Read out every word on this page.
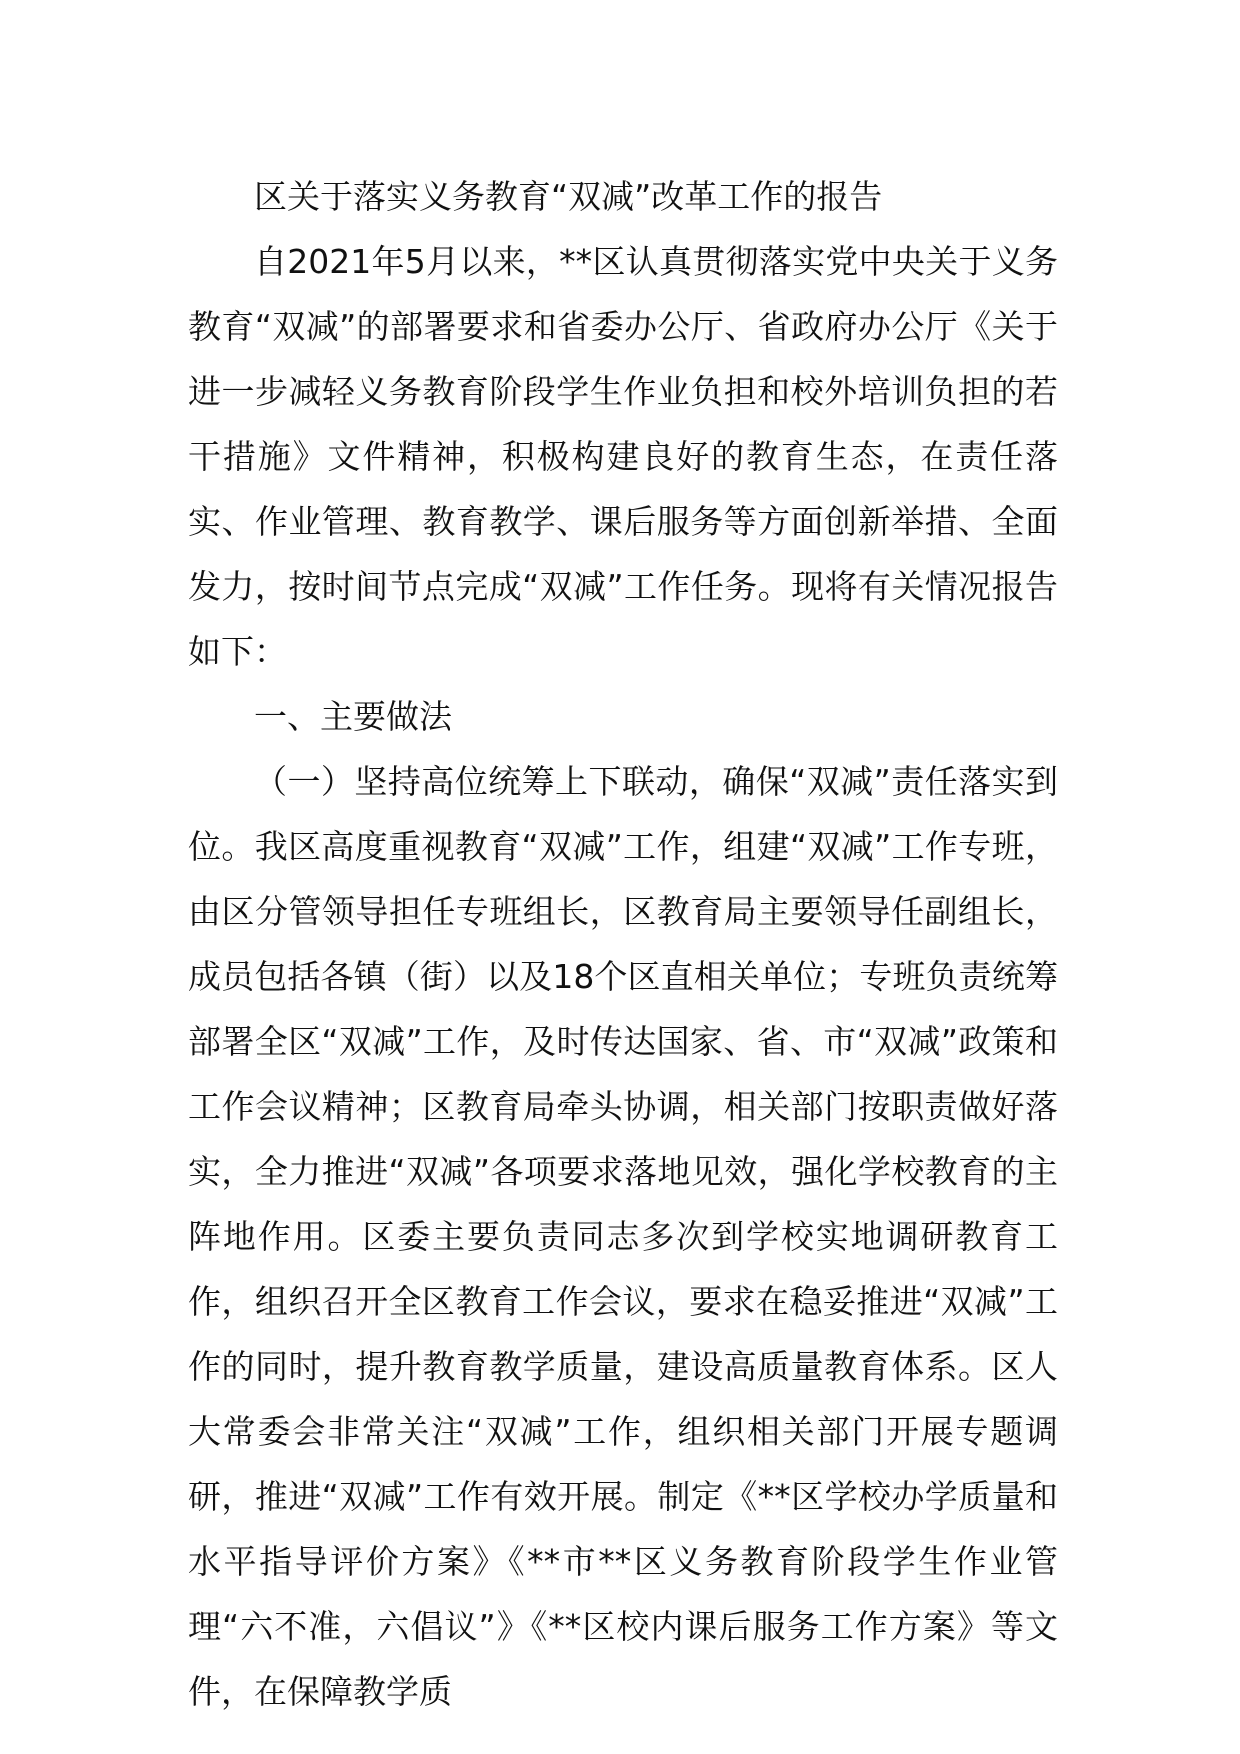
区关于落实义务教育“双减”改革工作的报告

自2021年5月以来，**区认真贯彻落实党中央关于义务教育“双减”的部署要求和省委办公厅、省政府办公厅《关于进一步减轻义务教育阶段学生作业负担和校外培训负担的若干措施》文件精神，积极构建良好的教育生态，在责任落实、作业管理、教育教学、课后服务等方面创新举措、全面发力，按时间节点完成“双减”工作任务。现将有关情况报告如下：

一、主要做法

（一）坚持高位统筹上下联动，确保“双减”责任落实到位。我区高度重视教育“双减”工作，组建“双减”工作专班，由区分管领导担任专班组长，区教育局主要领导任副组长，成员包括各镇（街）以及18个区直相关单位；专班负责统筹部署全区“双减”工作，及时传达国家、省、市“双减”政策和工作会议精神；区教育局牵头协调，相关部门按职责做好落实，全力推进“双减”各项要求落地见效，强化学校教育的主阵地作用。区委主要负责同志多次到学校实地调研教育工作，组织召开全区教育工作会议，要求在稳妥推进“双减”工作的同时，提升教育教学质量，建设高质量教育体系。区人大常委会非常关注“双减”工作，组织相关部门开展专题调研，推进“双减”工作有效开展。制定《**区学校办学质量和水平指导评价方案》《**市**区义务教育阶段学生作业管理“六不准，六倡议”》《**区校内课后服务工作方案》等文件，在保障教学质
